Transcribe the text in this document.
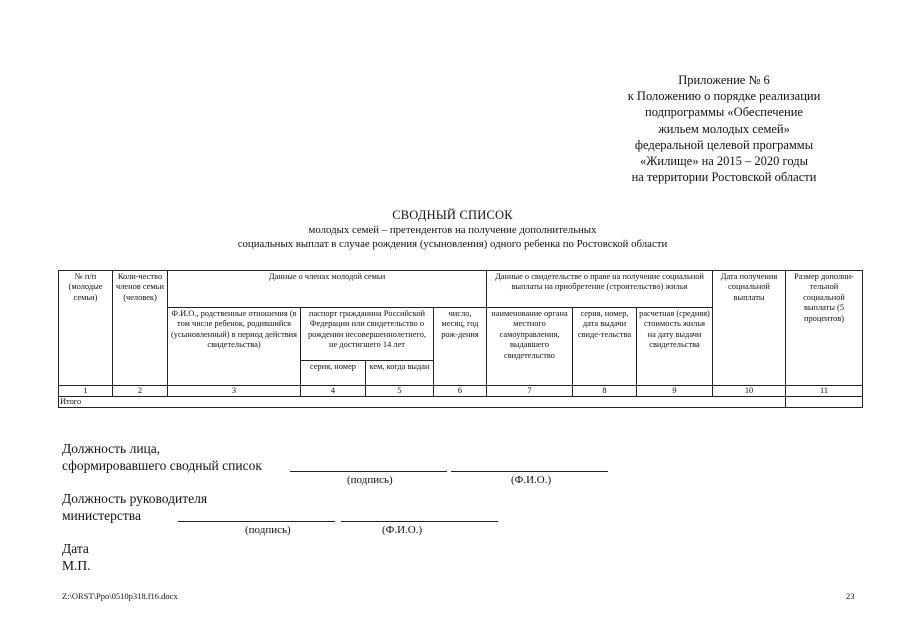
Приложение № 6
к Положению о порядке реализации
подпрограммы «Обеспечение
жильем молодых семей»
федеральной целевой программы
«Жилище» на 2015 – 2020 годы
на территории Ростовской области
СВОДНЫЙ СПИСОК
молодых семей – претендентов на получение дополнительных
социальных выплат в случае рождения (усыновления) одного ребенка по Ростовской области
№ п/п (молодые семьи)	Коли-чество членов семьи (человек)	Данные о членах молодой семьи				Данные о свидетельстве о праве на получение социальной выплаты на приобретение (строительство) жилья			Дата получения социальной выплаты	Размер дополни-тельной социальной выплаты (5 процентов)
		Ф.И.О., родственные отношения (в том числе ребенок, родившийся (усыновленный) в период действия свидетельства)	паспорт гражданина Российской Федерации или свидетельство о рождении несовершеннолетнего, не достигшего 14 лет		число, месяц, год рож-дения	наименование органа местного самоуправления, выдавшего свидетельство	серия, номер, дата выдачи свиде-тельства	расчетная (средняя) стоимость жилья на дату выдачи свидетельства		
			серия, номер	кем, когда выдан						
1	2	3	4	5	6	7	8	9	10	11
Итого										
Должность лица,
сформировавшего сводный список
(подпись)	(Ф.И.О.)
Должность руководителя
министерства
(подпись)	(Ф.И.О.)
Дата
М.П.
Z:\ORST\Ppo\0510p318.f16.docx	23
